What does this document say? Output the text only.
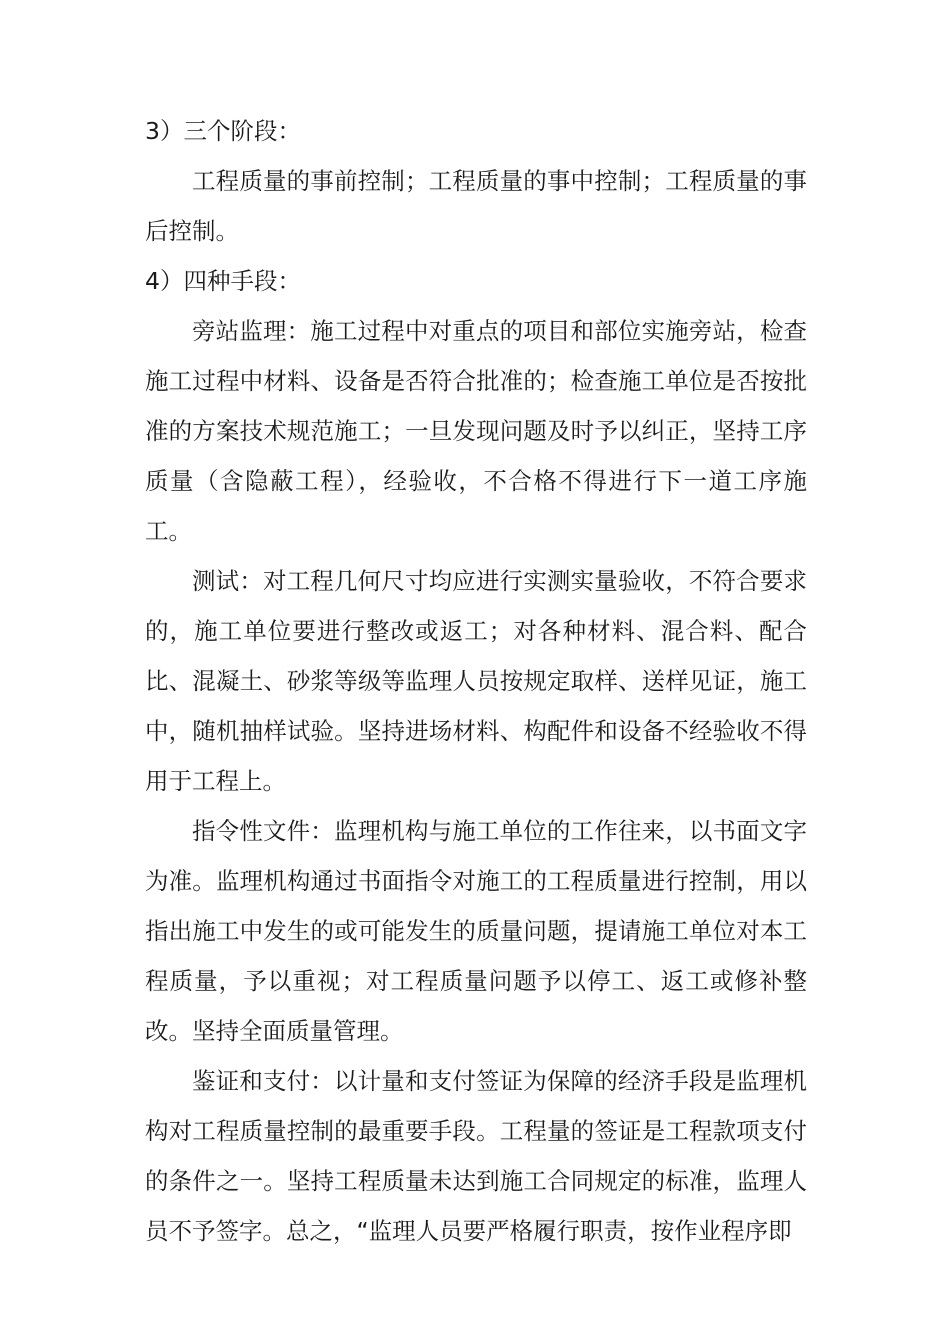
3）三个阶段：

工程质量的事前控制；工程质量的事中控制；工程质量的事后控制。

4）四种手段：

旁站监理：施工过程中对重点的项目和部位实施旁站，检查施工过程中材料、设备是否符合批准的；检查施工单位是否按批准的方案技术规范施工；一旦发现问题及时予以纠正，坚持工序质量（含隐蔽工程），经验收，不合格不得进行下一道工序施工。

测试：对工程几何尺寸均应进行实测实量验收，不符合要求的，施工单位要进行整改或返工；对各种材料、混合料、配合比、混凝土、砂浆等级等监理人员按规定取样、送样见证，施工中，随机抽样试验。坚持进场材料、构配件和设备不经验收不得用于工程上。

指令性文件：监理机构与施工单位的工作往来，以书面文字为准。监理机构通过书面指令对施工的工程质量进行控制，用以指出施工中发生的或可能发生的质量问题，提请施工单位对本工程质量，予以重视；对工程质量问题予以停工、返工或修补整改。坚持全面质量管理。

鉴证和支付：以计量和支付签证为保障的经济手段是监理机构对工程质量控制的最重要手段。工程量的签证是工程款项支付的条件之一。坚持工程质量未达到施工合同规定的标准，监理人员不予签字。总之，“监理人员要严格履行职责，按作业程序即
